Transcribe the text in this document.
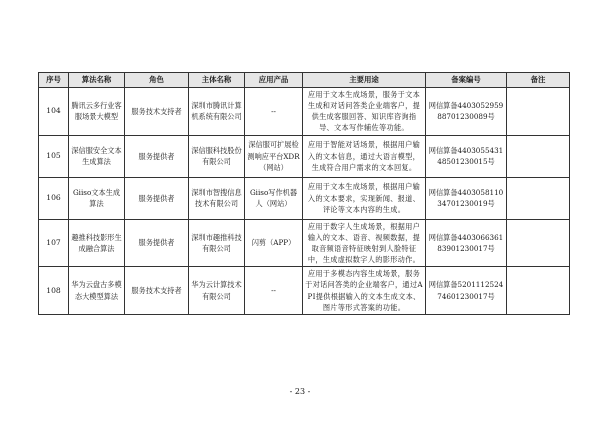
序号	算法名称	角色	主体名称	应用产品	主要用途	备案编号	备注
104	腾讯云多行业客服场景大模型	服务技术支持者	深圳市腾讯计算机系统有限公司	--	应用于文本生成场景，服务于文本生成和对话问答类企业端客户，提供生成客服回答、知识库咨询指导、文本写作辅佐等功能。	网信算备440305295988701230089号	
105	深信服安全文本生成算法	服务提供者	深信服科技股份有限公司	深信服可扩展检测响应平台XDR（网站）	应用于智能对话场景，根据用户输入的文本信息，通过大语言模型，生成符合用户需求的文本回复。	网信算备440305543148501230015号	
106	Giiso文本生成算法	服务提供者	深圳市智搜信息技术有限公司	Giiso写作机器人（网站）	应用于文本生成场景，根据用户输入的文本要求，实现新闻、报道、评论等文本内容的生成。	网信算备440305811034701230019号	
107	趣推科技影形生成融合算法	服务提供者	深圳市趣推科技有限公司	闪剪（APP）	应用于数字人生成场景，根据用户输入的文本、语音、视频数据，提取音频语音特征映射到人脸特征中，生成虚拟数字人的影形动作。	网信算备440306636183901230017号	
108	华为云盘古多模态大模型算法	服务技术支持者	华为云计算技术有限公司	--	应用于多模态内容生成场景，服务于对话问答类的企业端客户，通过API提供根据输入的文本生成文本、图片等形式答案的功能。	网信算备520111252474601230017号	
- 23 -
